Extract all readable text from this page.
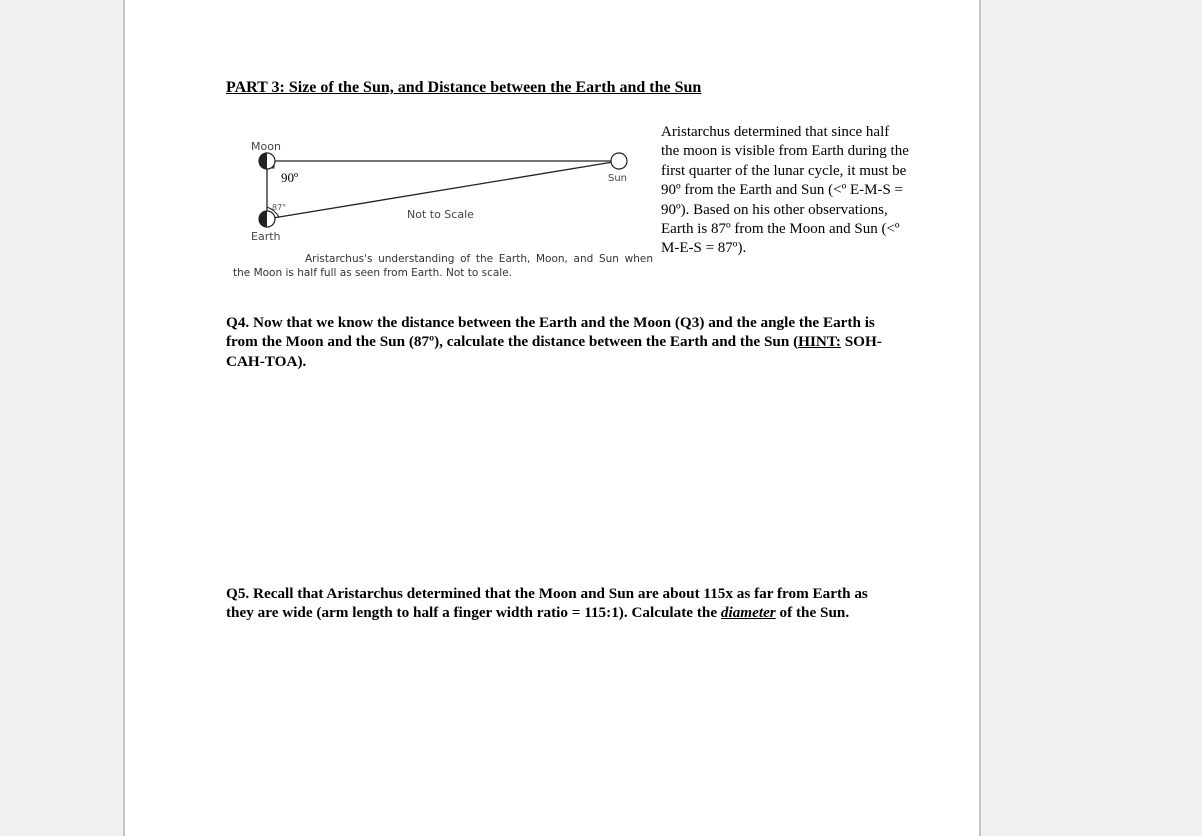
PART 3: Size of the Sun, and Distance between the Earth and the Sun
Moon
Sun
Earth
90º
87°
Not to Scale
Aristarchus's understanding of the Earth, Moon, and Sun when the Moon is half full as seen from Earth. Not to scale.
Aristarchus determined that since half the moon is visible from Earth during the first quarter of the lunar cycle, it must be 90º from the Earth and Sun (<º E-M-S = 90º). Based on his other observations, Earth is 87º from the Moon and Sun (<º M-E-S = 87º).
Q4. Now that we know the distance between the Earth and the Moon (Q3) and the angle the Earth is from the Moon and the Sun (87º), calculate the distance between the Earth and the Sun (HINT: SOH-CAH-TOA).
Q5. Recall that Aristarchus determined that the Moon and Sun are about 115x as far from Earth as they are wide (arm length to half a finger width ratio = 115:1). Calculate the diameter of the Sun.
